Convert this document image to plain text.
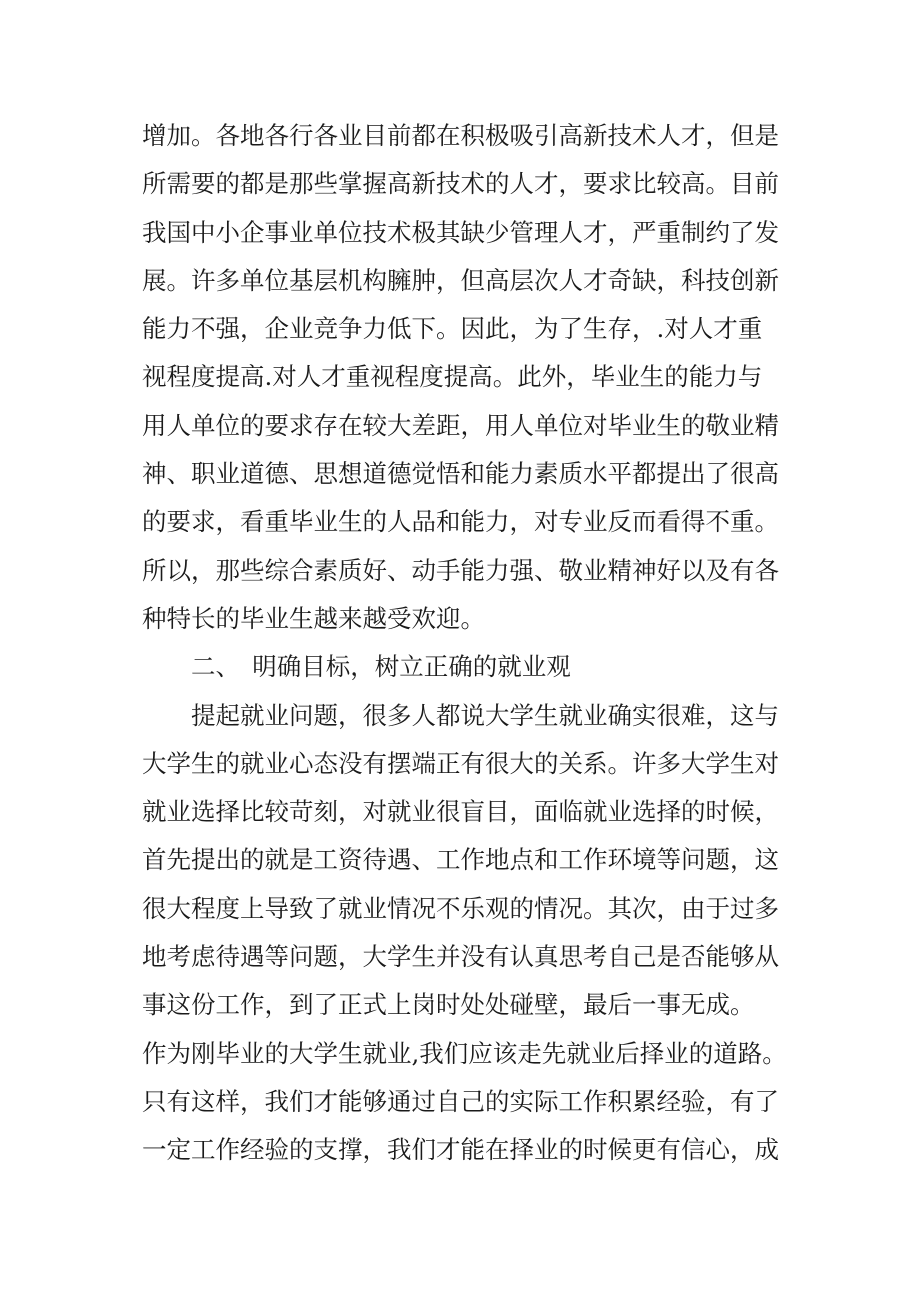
增加。各地各行各业目前都在积极吸引高新技术人才，但是
所需要的都是那些掌握高新技术的人才，要求比较高。目前
我国中小企事业单位技术极其缺少管理人才，严重制约了发
展。许多单位基层机构臃肿，但高层次人才奇缺，科技创新
能力不强，企业竞争力低下。因此，为了生存，.对人才重
视程度提高.对人才重视程度提高。此外，毕业生的能力与
用人单位的要求存在较大差距，用人单位对毕业生的敬业精
神、职业道德、思想道德觉悟和能力素质水平都提出了很高
的要求，看重毕业生的人品和能力，对专业反而看得不重。
所以，那些综合素质好、动手能力强、敬业精神好以及有各
种特长的毕业生越来越受欢迎。
　　二、　明确目标，树立正确的就业观
　　提起就业问题，很多人都说大学生就业确实很难，这与
大学生的就业心态没有摆端正有很大的关系。许多大学生对
就业选择比较苛刻，对就业很盲目，面临就业选择的时候，
首先提出的就是工资待遇、工作地点和工作环境等问题，这
很大程度上导致了就业情况不乐观的情况。其次，由于过多
地考虑待遇等问题，大学生并没有认真思考自己是否能够从
事这份工作，到了正式上岗时处处碰壁，最后一事无成。
作为刚毕业的大学生就业,我们应该走先就业后择业的道路。
只有这样，我们才能够通过自己的实际工作积累经验，有了
一定工作经验的支撑，我们才能在择业的时候更有信心，成
